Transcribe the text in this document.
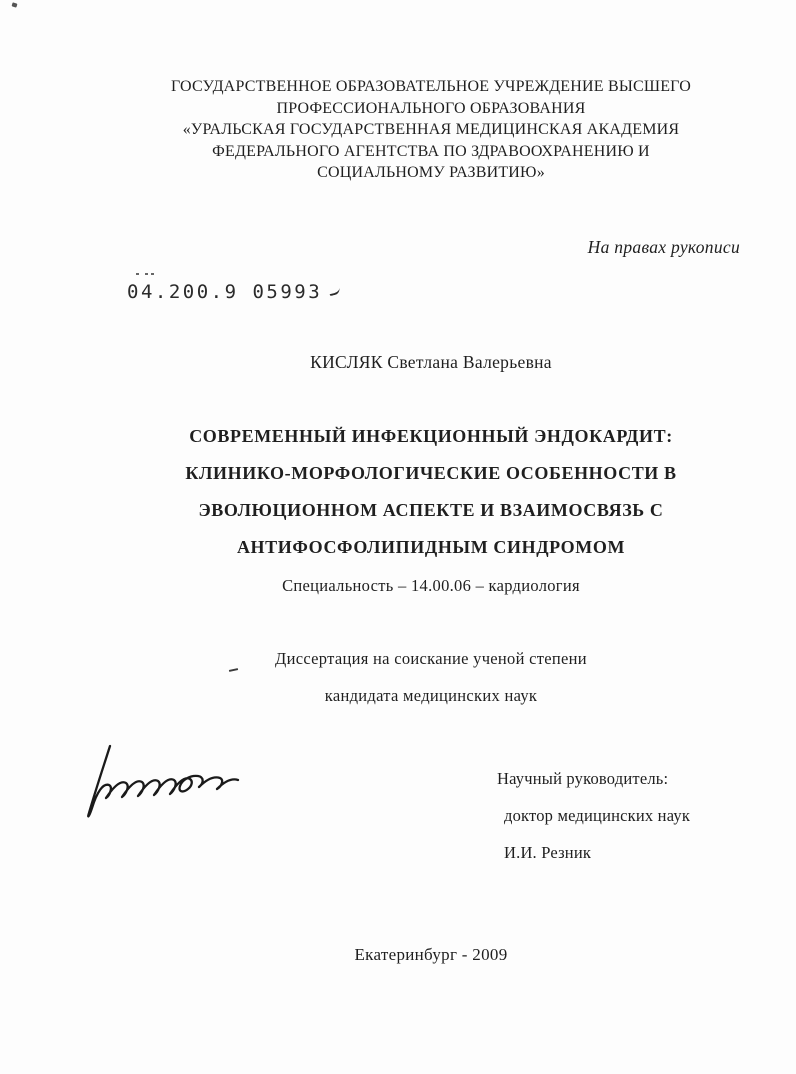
ГОСУДАРСТВЕННОЕ ОБРАЗОВАТЕЛЬНОЕ УЧРЕЖДЕНИЕ ВЫСШЕГО
ПРОФЕССИОНАЛЬНОГО ОБРАЗОВАНИЯ
«УРАЛЬСКАЯ ГОСУДАРСТВЕННАЯ МЕДИЦИНСКАЯ АКАДЕМИЯ
ФЕДЕРАЛЬНОГО АГЕНТСТВА ПО ЗДРАВООХРАНЕНИЮ И
СОЦИАЛЬНОМУ РАЗВИТИЮ»
На правах рукописи
04.200.9 05993
КИСЛЯК Светлана Валерьевна
СОВРЕМЕННЫЙ ИНФЕКЦИОННЫЙ ЭНДОКАРДИТ:
КЛИНИКО-МОРФОЛОГИЧЕСКИЕ ОСОБЕННОСТИ В
ЭВОЛЮЦИОННОМ АСПЕКТЕ И ВЗАИМОСВЯЗЬ С
АНТИФОСФОЛИПИДНЫМ СИНДРОМОМ
Специальность – 14.00.06 – кардиология
Диссертация на соискание ученой степени
кандидата медицинских наук
Научный руководитель:
доктор медицинских наук
И.И. Резник
Екатеринбург - 2009
